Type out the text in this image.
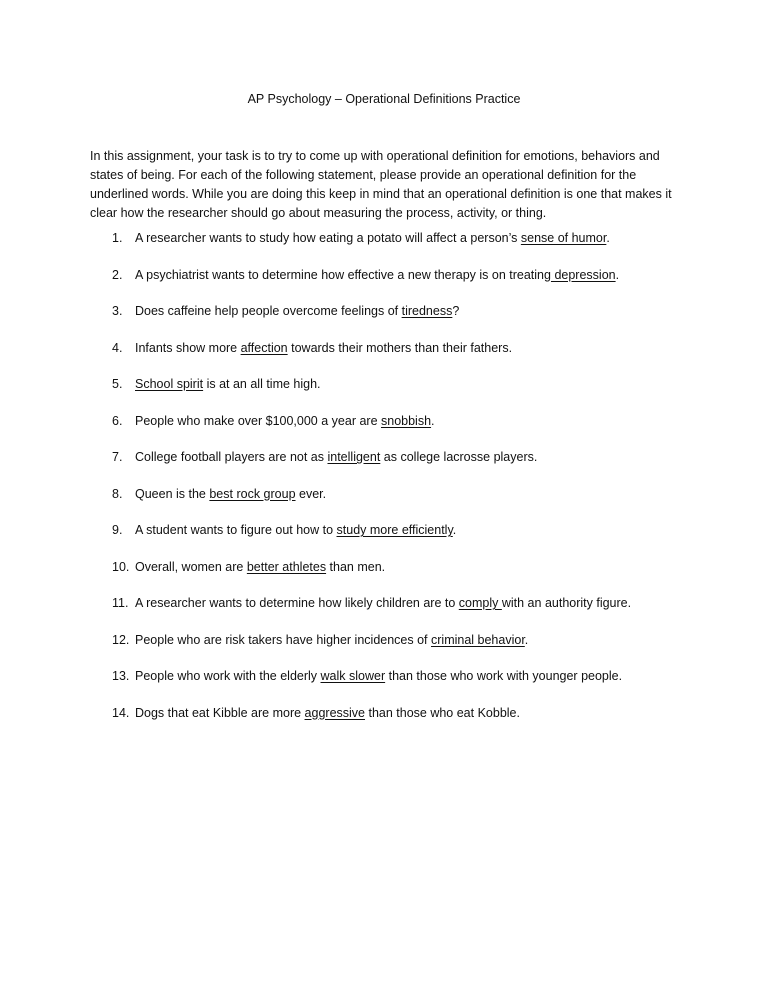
AP Psychology – Operational Definitions Practice
In this assignment, your task is to try to come up with operational definition for emotions, behaviors and states of being. For each of the following statement, please provide an operational definition for the underlined words. While you are doing this keep in mind that an operational definition is one that makes it clear how the researcher should go about measuring the process, activity, or thing.
1.	A researcher wants to study how eating a potato will affect a person’s sense of humor.
2.	A psychiatrist wants to determine how effective a new therapy is on treating depression.
3.	Does caffeine help people overcome feelings of tiredness?
4.	Infants show more affection towards their mothers than their fathers.
5.	School spirit is at an all time high.
6.	People who make over $100,000 a year are snobbish.
7.	College football players are not as intelligent as college lacrosse players.
8.	Queen is the best rock group ever.
9.	A student wants to figure out how to study more efficiently.
10. Overall, women are better athletes than men.
11. A researcher wants to determine how likely children are to comply with an authority figure.
12. People who are risk takers have higher incidences of criminal behavior.
13. People who work with the elderly walk slower than those who work with younger people.
14. Dogs that eat Kibble are more aggressive than those who eat Kobble.
